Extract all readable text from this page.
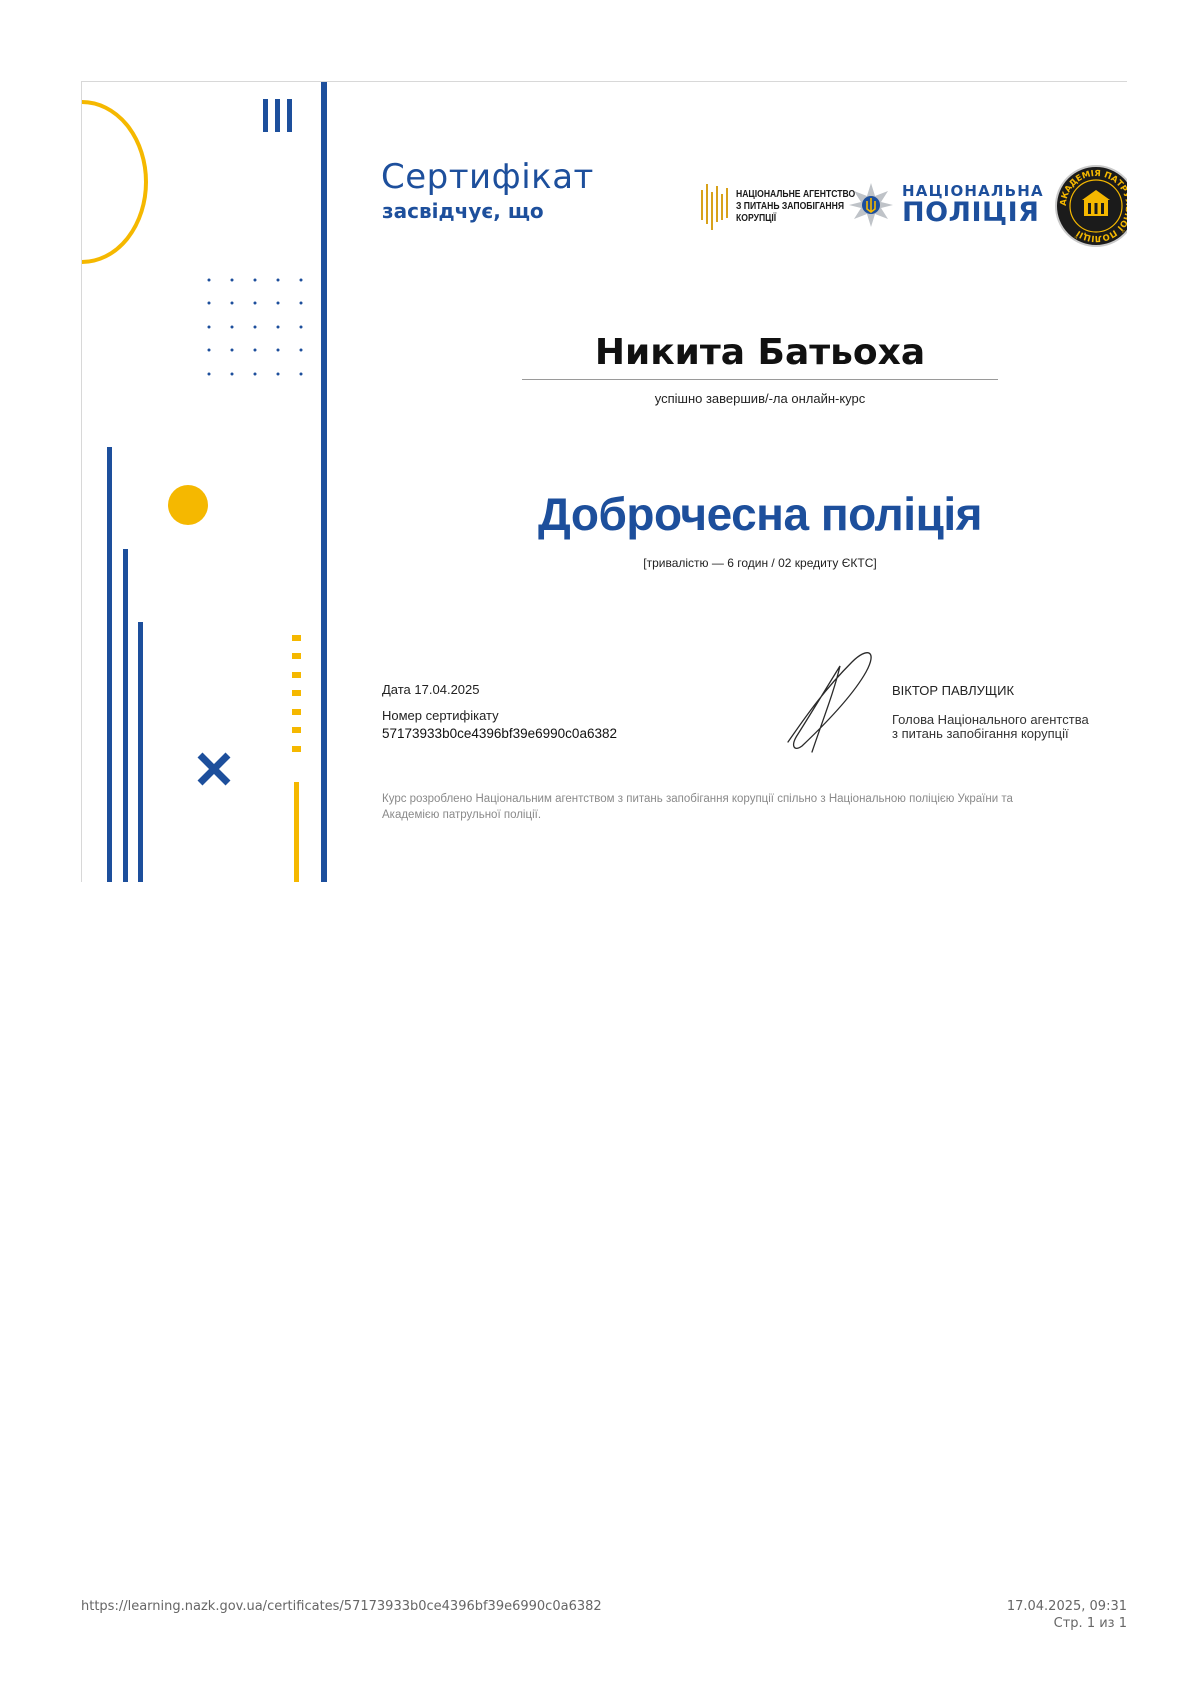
Сертифікат
засвідчує, що
НАЦІОНАЛЬНЕ АГЕНТСТВО
З ПИТАНЬ ЗАПОБІГАННЯ
КОРУПЦІЇ
НАЦІОНАЛЬНА
ПОЛІЦІЯ	АКАДЕМІЯ ПАТРУЛЬНОЇ ПОЛІЦІЇ
Никита Батьоха
успішно завершив/-ла онлайн-курс
Доброчесна поліція
[тривалістю — 6 годин / 02 кредиту ЄКТС]
Дата 17.04.2025
Номер сертифікату
57173933b0ce4396bf39e6990c0a6382
ВІКТОР ПАВЛУЩИК
Голова Національного агентства
з питань запобігання корупції
Курс розроблено Національним агентством з питань запобігання корупції спільно з Національною поліцією України та
Академією патрульної поліції.
https://learning.nazk.gov.ua/certificates/57173933b0ce4396bf39e6990c0a6382	17.04.2025, 09:31
Стр. 1 из 1
